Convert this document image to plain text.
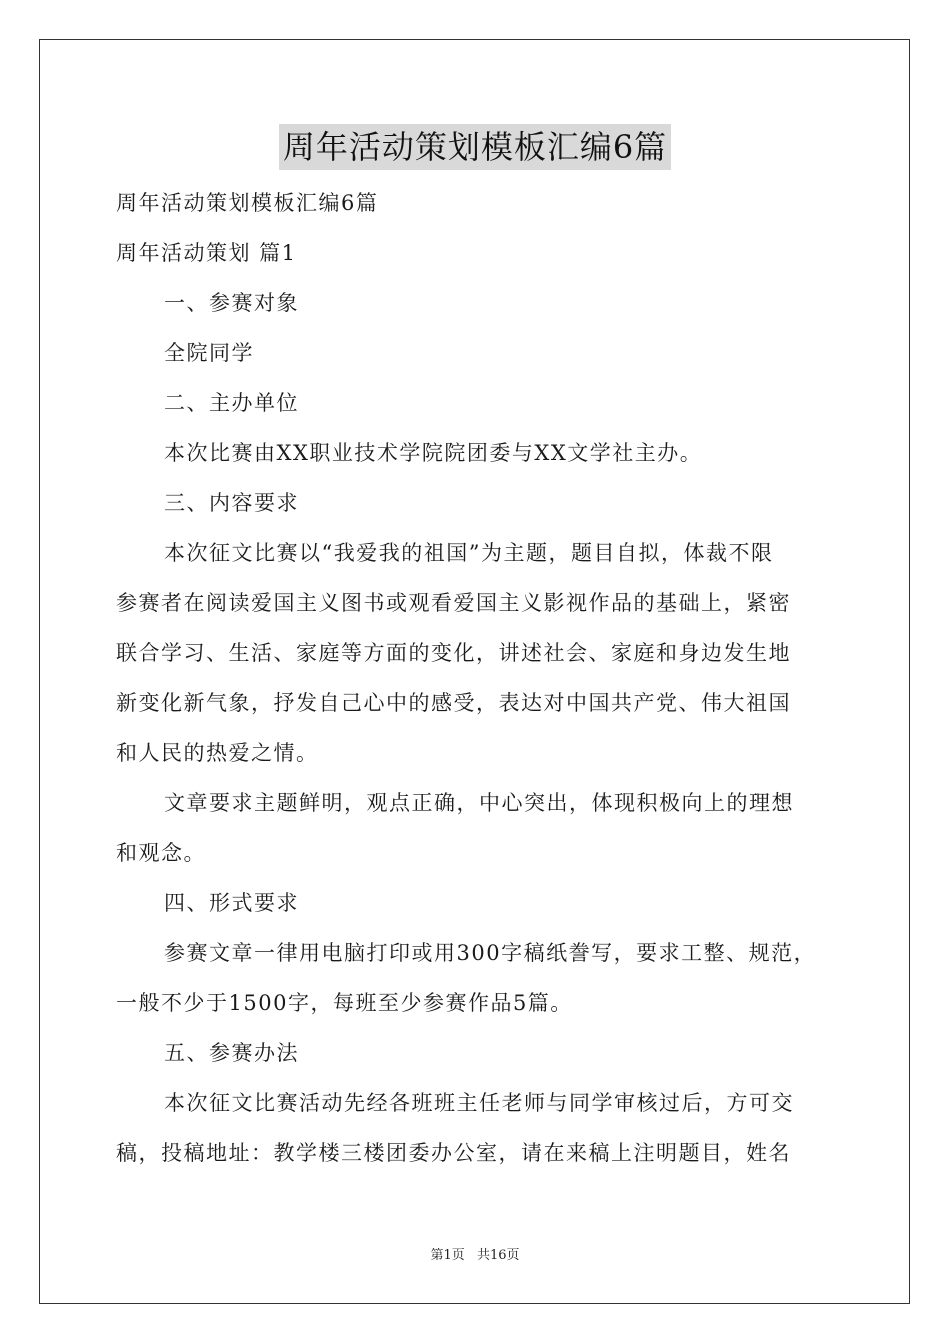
周年活动策划模板汇编6篇
周年活动策划模板汇编6篇
周年活动策划 篇1
一、参赛对象
全院同学
二、主办单位
本次比赛由XX职业技术学院院团委与XX文学社主办。
三、内容要求
本次征文比赛以“我爱我的祖国”为主题，题目自拟，体裁不限
参赛者在阅读爱国主义图书或观看爱国主义影视作品的基础上，紧密
联合学习、生活、家庭等方面的变化，讲述社会、家庭和身边发生地
新变化新气象，抒发自己心中的感受，表达对中国共产党、伟大祖国
和人民的热爱之情。
文章要求主题鲜明，观点正确，中心突出，体现积极向上的理想
和观念。
四、形式要求
参赛文章一律用电脑打印或用300字稿纸誊写，要求工整、规范，
一般不少于1500字，每班至少参赛作品5篇。
五、参赛办法
本次征文比赛活动先经各班班主任老师与同学审核过后，方可交
稿，投稿地址：教学楼三楼团委办公室，请在来稿上注明题目，姓名
第1页 共16页
